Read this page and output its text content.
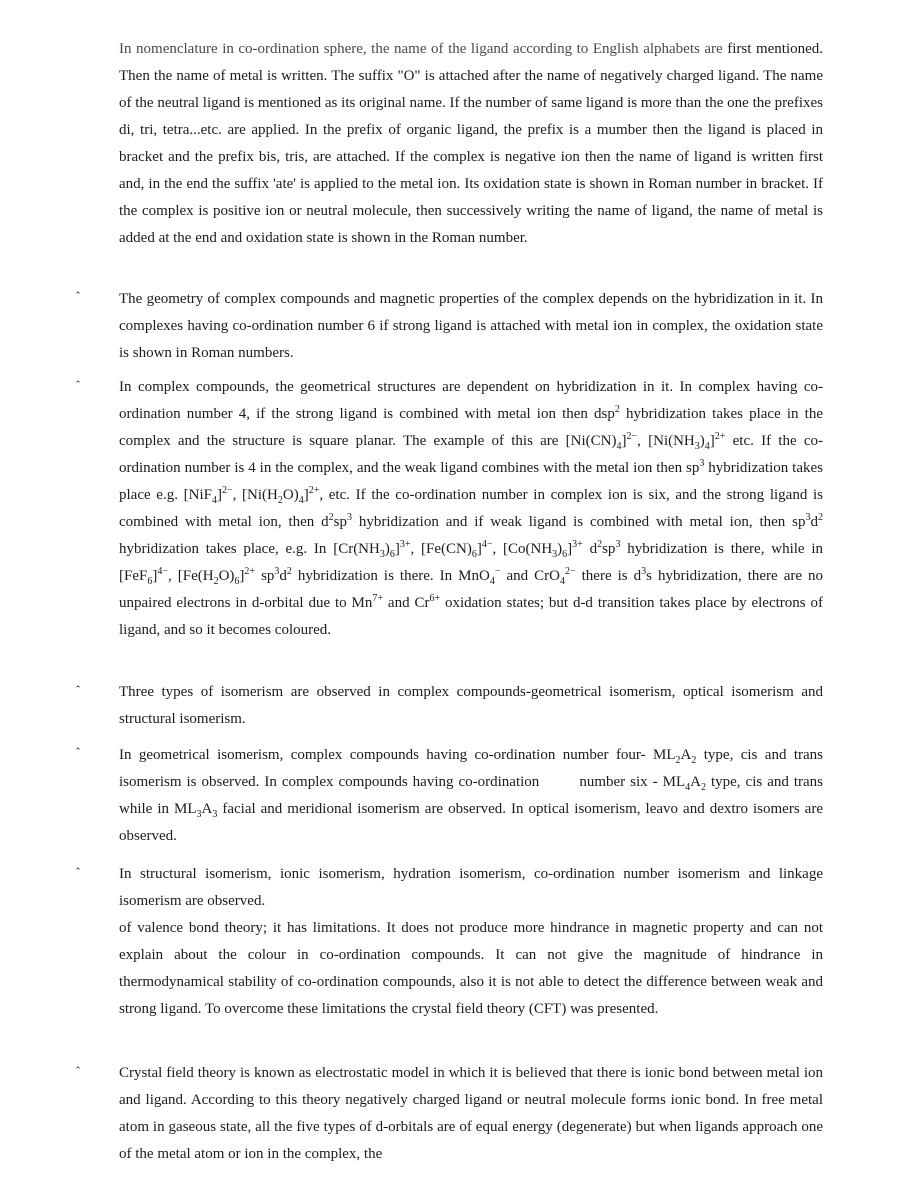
In nomenclature in co-ordination sphere, the name of the ligand according to English alphabets are first mentioned. Then the name of metal is written. The suffix "O" is attached after the name of negatively charged ligand. The name of the neutral ligand is mentioned as its original name. If the number of same ligand is more than the one the prefixes di, tri, tetra...etc. are applied. In the prefix of organic ligand, the prefix is a mumber then the ligand is placed in bracket and the prefix bis, tris, are attached. If the complex is negative ion then the name of ligand is written first and, in the end the suffix 'ate' is applied to the metal ion. Its oxidation state is shown in Roman number in bracket. If the complex is positive ion or neutral molecule, then successively writing the name of ligand, the name of metal is added at the end and oxidation state is shown in the Roman number.

ˆ	The geometry of complex compounds and magnetic properties of the complex depends on the hybridization in it. In complexes having co-ordination number 6 if strong ligand is attached with metal ion in complex, the oxidation state is shown in Roman numbers.

ˆ	In complex compounds, the geometrical structures are dependent on hybridization in it. In complex having co-ordination number 4, if the strong ligand is combined with metal ion then dsp$^2$ hybridization takes place in the complex and the structure is square planar. The example of this are $[Ni(CN)_4]^{2-}$, $[Ni(NH_3)_4]^{2+}$ etc. If the co-ordination number is 4 in the complex, and the weak ligand combines with the metal ion then $sp^3$ hybridization takes place e.g. $[NiF_4]^{2-}$, $[Ni(H_2O)_4]^{2+}$, etc. If the co-ordination number in complex ion is six, and the strong ligand is combined with metal ion, then $d^2sp^3$ hybridization and if weak ligand is combined with metal ion, then $sp^3d^2$ hybridization takes place, e.g. In $[Cr(NH_3)_6]^{3+}$, $[Fe(CN)_6]^{4-}$, $[Co(NH_3)_6]^{3+}$ $d^2sp^3$ hybridization is there, while in $[FeF_6]^{4-}$, $[Fe(H_2O)_6]^{2+}$ $sp^3d^2$ hybridization is there. In MnO$_4$− and CrO$_4^{2-}$ there is $d^3s$ hybridization, there are no unpaired electrons in d-orbital due to $Mn^{7+}$ and $Cr^{6+}$ oxidation states; but d-d transition takes place by electrons of ligand, and so it becomes coloured.

ˆ	Three types of isomerism are observed in complex compounds-geometrical isomerism, optical isomerism and structural isomerism.

ˆ	In geometrical isomerism, complex compounds having co-ordination number four- $ML_2A_2$ type, cis and trans isomerism is observed. In complex compounds having co-ordination	number six - $ML_4A_2$ type, cis and trans while in $ML_3A_3$ facial and meridional isomerism are observed. In optical isomerism, leavo and dextro isomers are observed.

ˆ	In structural isomerism, ionic isomerism, hydration isomerism, co-ordination number isomerism and linkage isomerism are observed.
of valence bond theory; it has limitations. It does not produce more hindrance in magnetic property and can not explain about the colour in co-ordination compounds. It can not give the magnitude of hindrance in thermodynamical stability of co-ordination compounds, also it is not able to detect the difference between weak and strong ligand. To overcome these limitations the crystal field theory (CFT) was presented.

ˆ	Crystal field theory is known as electrostatic model in which it is believed that there is ionic bond between metal ion and ligand. According to this theory negatively charged ligand or neutral molecule forms ionic bond. In free metal atom in gaseous state, all the five types of d-orbitals are of equal energy (degenerate) but when ligands approach one of the metal atom or ion in the complex, the
